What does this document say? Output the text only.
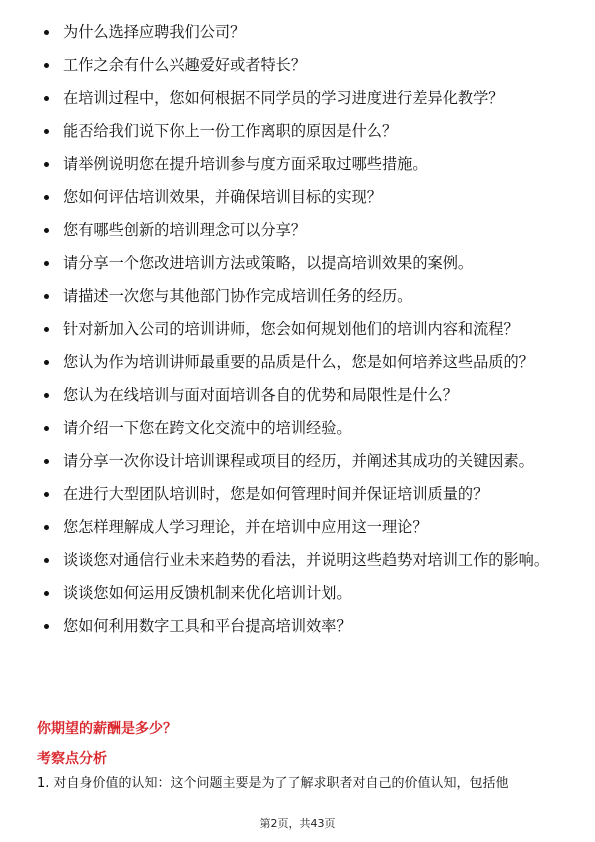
为什么选择应聘我们公司？
工作之余有什么兴趣爱好或者特长？
在培训过程中，您如何根据不同学员的学习进度进行差异化教学？
能否给我们说下你上一份工作离职的原因是什么？
请举例说明您在提升培训参与度方面采取过哪些措施。
您如何评估培训效果，并确保培训目标的实现？
您有哪些创新的培训理念可以分享？
请分享一个您改进培训方法或策略，以提高培训效果的案例。
请描述一次您与其他部门协作完成培训任务的经历。
针对新加入公司的培训讲师，您会如何规划他们的培训内容和流程？
您认为作为培训讲师最重要的品质是什么，您是如何培养这些品质的？
您认为在线培训与面对面培训各自的优势和局限性是什么？
请介绍一下您在跨文化交流中的培训经验。
请分享一次你设计培训课程或项目的经历，并阐述其成功的关键因素。
在进行大型团队培训时，您是如何管理时间并保证培训质量的？
您怎样理解成人学习理论，并在培训中应用这一理论？
谈谈您对通信行业未来趋势的看法，并说明这些趋势对培训工作的影响。
谈谈您如何运用反馈机制来优化培训计划。
您如何利用数字工具和平台提高培训效率？
你期望的薪酬是多少？
考察点分析
1. 对自身价值的认知：这个问题主要是为了了解求职者对自己的价值认知，包括他
第2页，共43页
